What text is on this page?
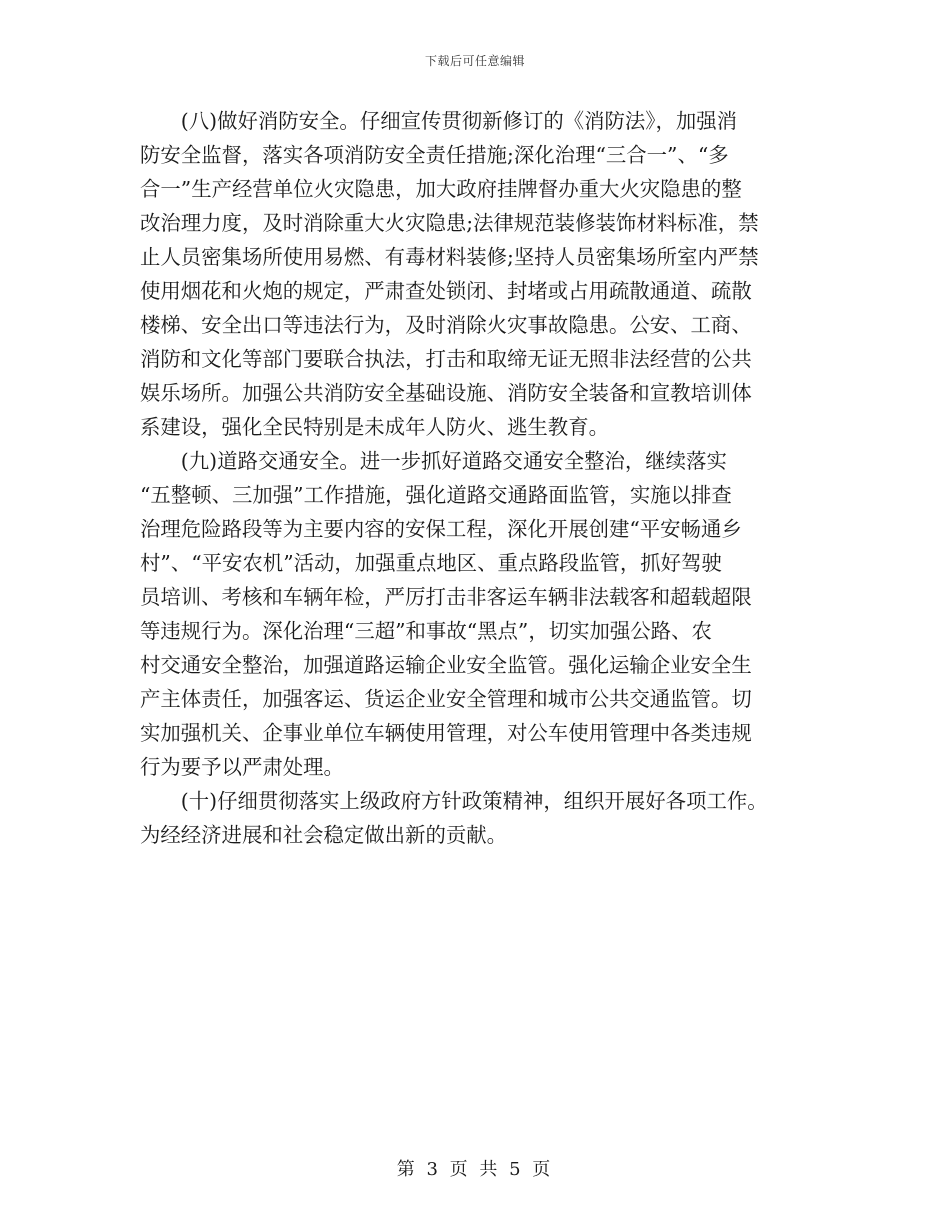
下载后可任意编辑
　　(八)做好消防安全。仔细宣传贯彻新修订的《消防法》，加强消
防安全监督，落实各项消防安全责任措施;深化治理“三合一”、“多
合一”生产经营单位火灾隐患，加大政府挂牌督办重大火灾隐患的整
改治理力度，及时消除重大火灾隐患;法律规范装修装饰材料标准，禁
止人员密集场所使用易燃、有毒材料装修;坚持人员密集场所室内严禁
使用烟花和火炮的规定，严肃查处锁闭、封堵或占用疏散通道、疏散
楼梯、安全出口等违法行为，及时消除火灾事故隐患。公安、工商、
消防和文化等部门要联合执法，打击和取缔无证无照非法经营的公共
娱乐场所。加强公共消防安全基础设施、消防安全装备和宣教培训体
系建设，强化全民特别是未成年人防火、逃生教育。
　　(九)道路交通安全。进一步抓好道路交通安全整治，继续落实
“五整顿、三加强”工作措施，强化道路交通路面监管，实施以排查
治理危险路段等为主要内容的安保工程，深化开展创建“平安畅通乡
村”、“平安农机”活动，加强重点地区、重点路段监管，抓好驾驶
员培训、考核和车辆年检，严厉打击非客运车辆非法载客和超载超限
等违规行为。深化治理“三超”和事故“黑点”，切实加强公路、农
村交通安全整治，加强道路运输企业安全监管。强化运输企业安全生
产主体责任，加强客运、货运企业安全管理和城市公共交通监管。切
实加强机关、企事业单位车辆使用管理，对公车使用管理中各类违规
行为要予以严肃处理。
　　(十)仔细贯彻落实上级政府方针政策精神，组织开展好各项工作。
为经经济进展和社会稳定做出新的贡献。
第 3 页 共 5 页
